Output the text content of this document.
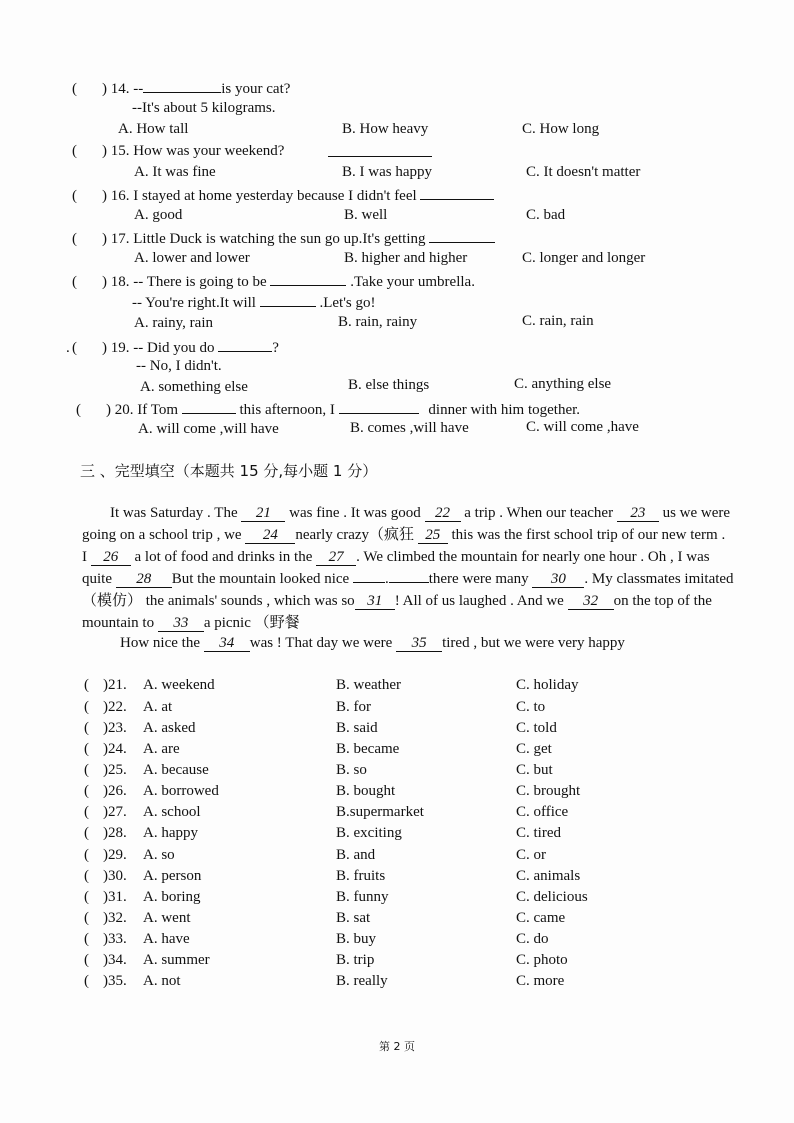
( ) 14. --	is your cat?
--It's about 5 kilograms.
A. How tall	B. How heavy	C. How long
( ) 15. How was your weekend?
A. It was fine	B. I was happy	C. It doesn't matter
( ) 16. I stayed at home yesterday because I didn't feel
A. good	B. well	C. bad
( ) 17. Little Duck is watching the sun go up.It's getting
A. lower and lower	B. higher and higher	C. longer and longer
( ) 18. -- There is going to be	.Take your umbrella.
-- You're right.It will	.Let's go!
A. rainy, rain	B. rain, rainy	C. rain, rain
. ( ) 19. -- Did you do	?
-- No, I didn't.
A. something else	B. else things	C. anything else
( ) 20. If Tom	this afternoon, I	dinner with him together.
A. will come ,will have	B. comes ,will have	C. will come ,have
三 、完型填空（本题共 15 分,每小题 1 分）
It was Saturday . The 21 was fine . It was good 22 a trip . When our teacher 23 us we were
going on a school trip , we 24 nearly crazy（疯狂 25 this was the first school trip of our new term .
I 26 a lot of food and drinks in the 27 . We climbed the mountain for nearly one hour . Oh , I was
quite 28 But the mountain looked nice .	there were many 30 . My classmates imitated
（模仿） the animals' sounds , which was so 31 ! All of us laughed . And we 32 on the top of the
mountain to 33 a picnic （野餐
How nice the 34 was ! That day we were 35 tired , but we were very happy
( )21. A. weekend	B. weather	C. holiday
( )22. A. at	B. for	C. to
( )23. A. asked	B. said	C. told
( )24. A. are	B. became	C. get
( )25. A. because	B. so	C. but
( )26. A. borrowed	B. bought	C. brought
( )27. A. school	B.supermarket	C. office
( )28. A. happy	B. exciting	C. tired
( )29. A. so	B. and	C. or
( )30. A. person	B. fruits	C. animals
( )31. A. boring	B. funny	C. delicious
( )32. A. went	B. sat	C. came
( )33. A. have	B. buy	C. do
( )34. A. summer	B. trip	C. photo
( )35. A. not	B. really	C. more
第 2 页
